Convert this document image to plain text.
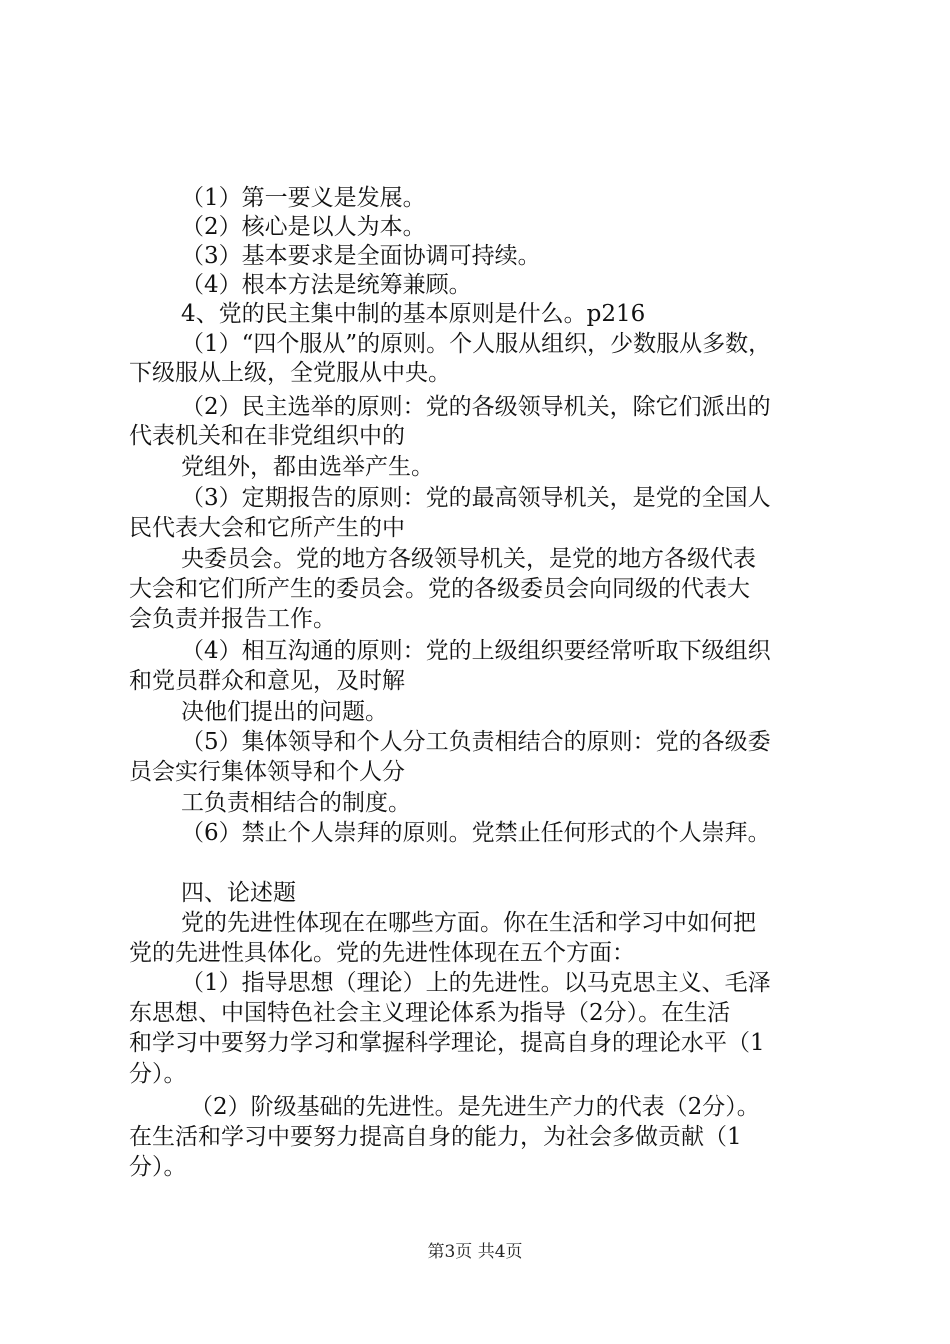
（1）第一要义是发展。
（2）核心是以人为本。
（3）基本要求是全面协调可持续。
（4）根本方法是统筹兼顾。
4、党的民主集中制的基本原则是什么。p216
（1）“四个服从”的原则。个人服从组织，少数服从多数，
下级服从上级，全党服从中央。
（2）民主选举的原则：党的各级领导机关，除它们派出的
代表机关和在非党组织中的
党组外，都由选举产生。
（3）定期报告的原则：党的最高领导机关，是党的全国人
民代表大会和它所产生的中
央委员会。党的地方各级领导机关，是党的地方各级代表
大会和它们所产生的委员会。党的各级委员会向同级的代表大
会负责并报告工作。
（4）相互沟通的原则：党的上级组织要经常听取下级组织
和党员群众和意见，及时解
决他们提出的问题。
（5）集体领导和个人分工负责相结合的原则：党的各级委
员会实行集体领导和个人分
工负责相结合的制度。
（6）禁止个人崇拜的原则。党禁止任何形式的个人崇拜。
四、论述题
党的先进性体现在在哪些方面。你在生活和学习中如何把
党的先进性具体化。党的先进性体现在五个方面：
（1）指导思想（理论）上的先进性。以马克思主义、毛泽
东思想、中国特色社会主义理论体系为指导（2分）。在生活
和学习中要努力学习和掌握科学理论，提高自身的理论水平（1
分）。
（2）阶级基础的先进性。是先进生产力的代表（2分）。
在生活和学习中要努力提高自身的能力，为社会多做贡献（1
分）。
第3页 共4页
